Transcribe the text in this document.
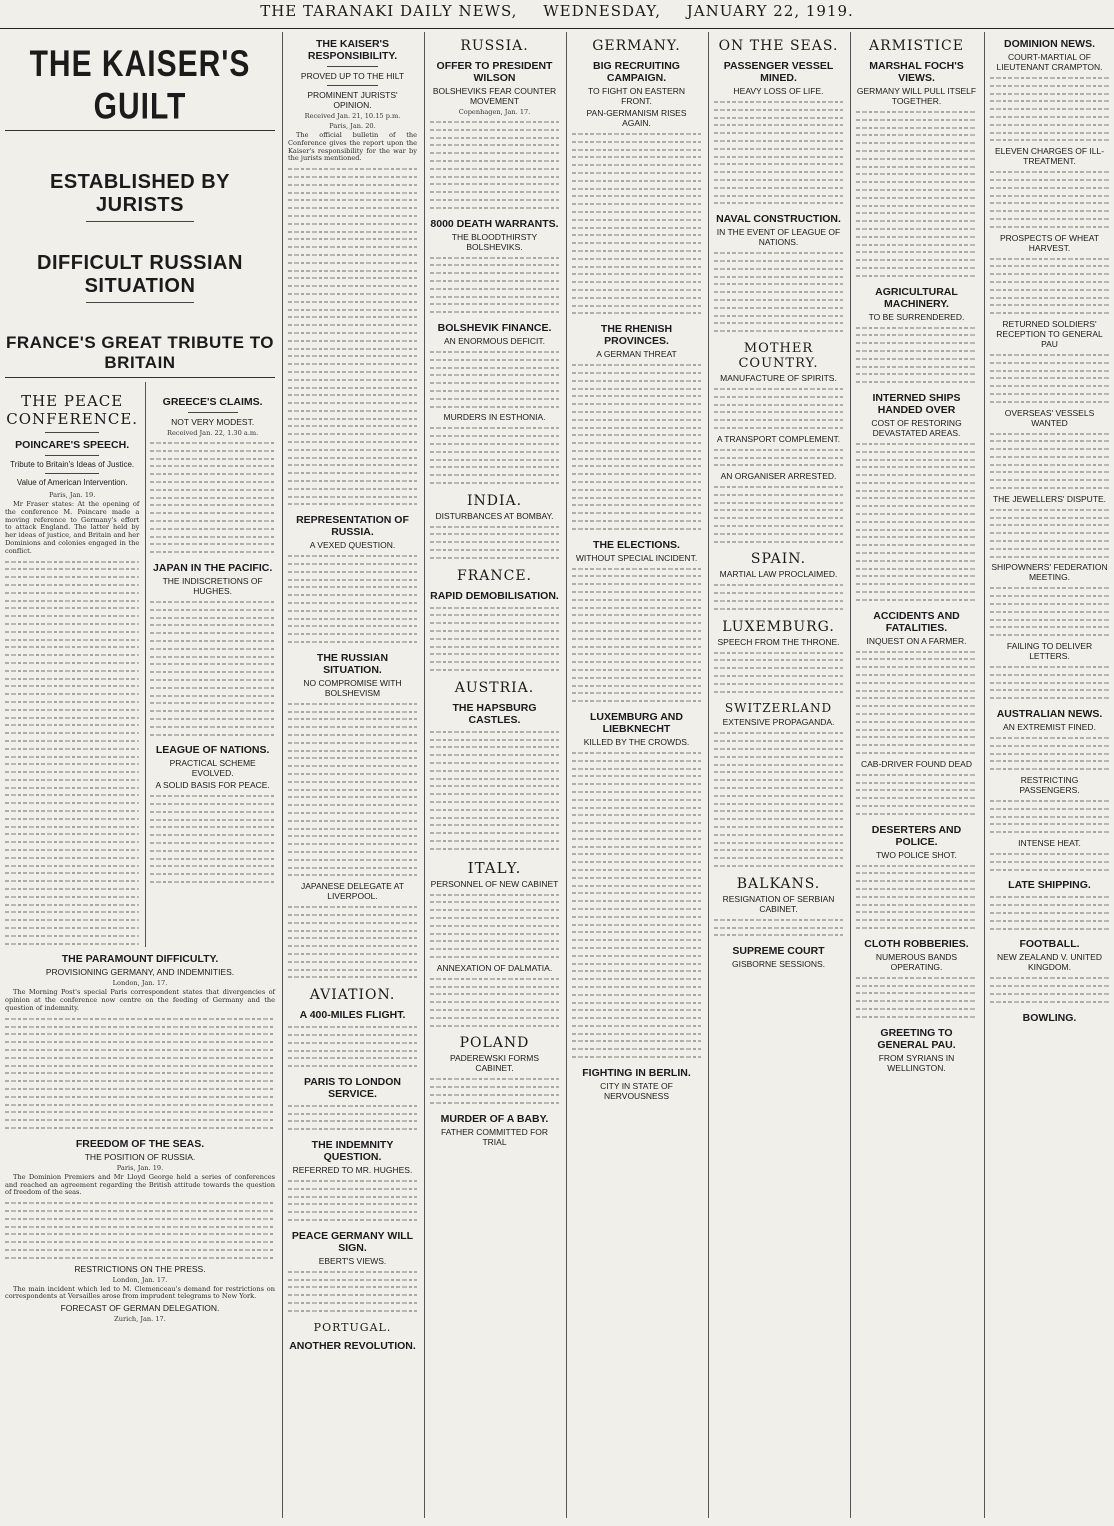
THE TARANAKI DAILY NEWS, WEDNESDAY, JANUARY 22, 1919.
THE KAISER'S GUILT
ESTABLISHED BY JURISTS
DIFFICULT RUSSIAN SITUATION
FRANCE'S GREAT TRIBUTE TO BRITAIN
THE PEACE CONFERENCE.
POINCARE'S SPEECH.
Tribute to Britain's Ideas of Justice.
Value of American Intervention.
Paris, Jan. 19.

Mr Fraser states: At the opening of the conference M. Poincare made a moving reference to Germany's effort to attack England. The latter held by her ideas of justice, and Britain and her Dominions and colonies engaged in the conflict.

GREECE'S CLAIMS.
NOT VERY MODEST.
Received Jan. 22, 1.30 a.m.
JAPAN IN THE PACIFIC.
THE INDISCRETIONS OF HUGHES.
LEAGUE OF NATIONS.
PRACTICAL SCHEME EVOLVED.
A SOLID BASIS FOR PEACE.
THE PARAMOUNT DIFFICULTY.
PROVISIONING GERMANY, AND INDEMNITIES.
London, Jan. 17.

The Morning Post's special Paris correspondent states that divergencies of opinion at the conference now centre on the feeding of Germany and the question of indemnity.

FREEDOM OF THE SEAS.
THE POSITION OF RUSSIA.
Paris, Jan. 19.

The Dominion Premiers and Mr Lloyd George held a series of conferences and reached an agreement regarding the British attitude towards the question of freedom of the seas.

RESTRICTIONS ON THE PRESS.
London, Jan. 17.

The main incident which led to M. Clemenceau's demand for restrictions on correspondents at Versailles arose from imprudent telegrams to New York.

FORECAST OF GERMAN DELEGATION.
Zurich, Jan. 17.
THE KAISER'S RESPONSIBILITY.
PROVED UP TO THE HILT
PROMINENT JURISTS' OPINION.
Received Jan. 21, 10.15 p.m.
Paris, Jan. 20.

The official bulletin of the Conference gives the report upon the Kaiser's responsibility for the war by the jurists mentioned.

REPRESENTATION OF RUSSIA.
A VEXED QUESTION.
THE RUSSIAN SITUATION.
NO COMPROMISE WITH BOLSHEVISM
JAPANESE DELEGATE AT LIVERPOOL.
AVIATION.
A 400-MILES FLIGHT.
PARIS TO LONDON SERVICE.
THE INDEMNITY QUESTION.
REFERRED TO MR. HUGHES.
PEACE GERMANY WILL SIGN.
EBERT'S VIEWS.
PORTUGAL.
ANOTHER REVOLUTION.
RUSSIA.
OFFER TO PRESIDENT WILSON
BOLSHEVIKS FEAR COUNTER MOVEMENT
Copenhagen, Jan. 17.
8000 DEATH WARRANTS.
THE BLOODTHIRSTY BOLSHEVIKS.
BOLSHEVIK FINANCE.
AN ENORMOUS DEFICIT.
MURDERS IN ESTHONIA.
INDIA.
DISTURBANCES AT BOMBAY.
FRANCE.
RAPID DEMOBILISATION.
AUSTRIA.
THE HAPSBURG CASTLES.
ITALY.
PERSONNEL OF NEW CABINET
ANNEXATION OF DALMATIA.
POLAND
PADEREWSKI FORMS CABINET.
MURDER OF A BABY.
FATHER COMMITTED FOR TRIAL
GERMANY.
BIG RECRUITING CAMPAIGN.
TO FIGHT ON EASTERN FRONT.
PAN-GERMANISM RISES AGAIN.
THE RHENISH PROVINCES.
A GERMAN THREAT
THE ELECTIONS.
WITHOUT SPECIAL INCIDENT.
LUXEMBURG AND LIEBKNECHT
KILLED BY THE CROWDS.
FIGHTING IN BERLIN.
CITY IN STATE OF NERVOUSNESS
ON THE SEAS.
PASSENGER VESSEL MINED.
HEAVY LOSS OF LIFE.
NAVAL CONSTRUCTION.
IN THE EVENT OF LEAGUE OF NATIONS.
MOTHER COUNTRY.
MANUFACTURE OF SPIRITS.
A TRANSPORT COMPLEMENT.
AN ORGANISER ARRESTED.
SPAIN.
MARTIAL LAW PROCLAIMED.
LUXEMBURG.
SPEECH FROM THE THRONE.
SWITZERLAND
EXTENSIVE PROPAGANDA.
BALKANS.
RESIGNATION OF SERBIAN CABINET.
SUPREME COURT
GISBORNE SESSIONS.
ARMISTICE
MARSHAL FOCH'S VIEWS.
GERMANY WILL PULL ITSELF TOGETHER.
AGRICULTURAL MACHINERY.
TO BE SURRENDERED.
INTERNED SHIPS HANDED OVER
COST OF RESTORING DEVASTATED AREAS.
ACCIDENTS AND FATALITIES.
INQUEST ON A FARMER.
CAB-DRIVER FOUND DEAD
DESERTERS AND POLICE.
TWO POLICE SHOT.
CLOTH ROBBERIES.
NUMEROUS BANDS OPERATING.
GREETING TO GENERAL PAU.
FROM SYRIANS IN WELLINGTON.
DOMINION NEWS.
COURT-MARTIAL OF LIEUTENANT CRAMPTON.
ELEVEN CHARGES OF ILL-TREATMENT.
PROSPECTS OF WHEAT HARVEST.
RETURNED SOLDIERS' RECEPTION TO GENERAL PAU
OVERSEAS' VESSELS WANTED
THE JEWELLERS' DISPUTE.
SHIPOWNERS' FEDERATION MEETING.
FAILING TO DELIVER LETTERS.
AUSTRALIAN NEWS.
AN EXTREMIST FINED.
RESTRICTING PASSENGERS.
INTENSE HEAT.
LATE SHIPPING.
FOOTBALL.
NEW ZEALAND V. UNITED KINGDOM.
BOWLING.
